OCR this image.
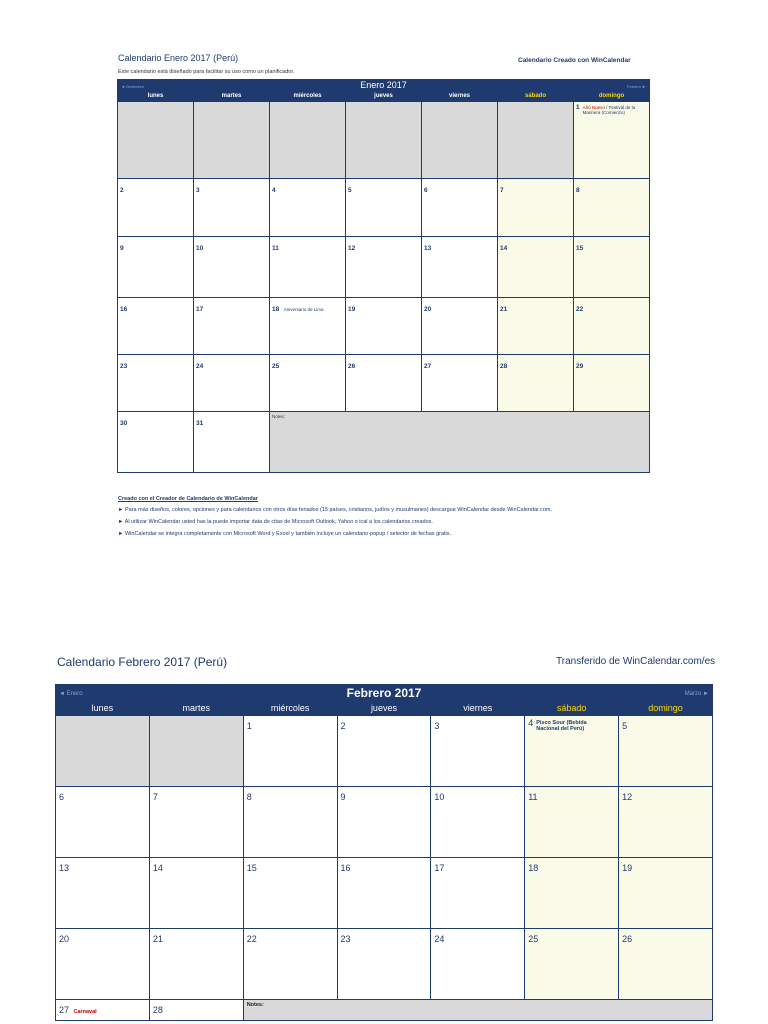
Calendario Enero 2017 (Perú)	Calendario Creado con WinCalendar
Este calendario está diseñado para facilitar su uso como un planificador.
◄ Diciembre Enero 2017 Febrero ►						

lunes	martes	miércoles	jueves	viernes	sábado	domingo

						1 Año Nuevo / Festival de la Marinera (Comienzo)

2	3	4	5	6	7	8
9	10	11	12	13	14	15
16	17	18 Aniversario de Lima	19	20	21	22
23	24	25	26	27	28	29
30	31	Notes:				
Creado con el Creador de Calendario de WinCalendar
► Para más diseños, colores, opciones y para calendarios con otros días feriados (15 países, cristianos, judíos y musulmanes) descargue WinCalendar desde WinCalendar.com.
► Al utilizar WinCalendar usted has la puede importar data de citas de Microsoft Outlook, Yahoo o ical a los calendarios creados.
► WinCalendar se integra completamente con Microsoft Word y Excel y también incluye un calendario-popup / selector de fechas gratis.
Calendario Febrero 2017 (Perú)	Transferido de WinCalendar.com/es
◄ Enero Febrero 2017 Marzo ►						

lunes	martes	miércoles	jueves	viernes	sábado	domingo
		1	2	3	4 Pisco Sour (Bebida Nacional del Perú)	5
6	7	8	9	10	11	12
13	14	15	16	17	18	19
20	21	22	23	24	25	26
27 Carnaval	28	Notes:				
